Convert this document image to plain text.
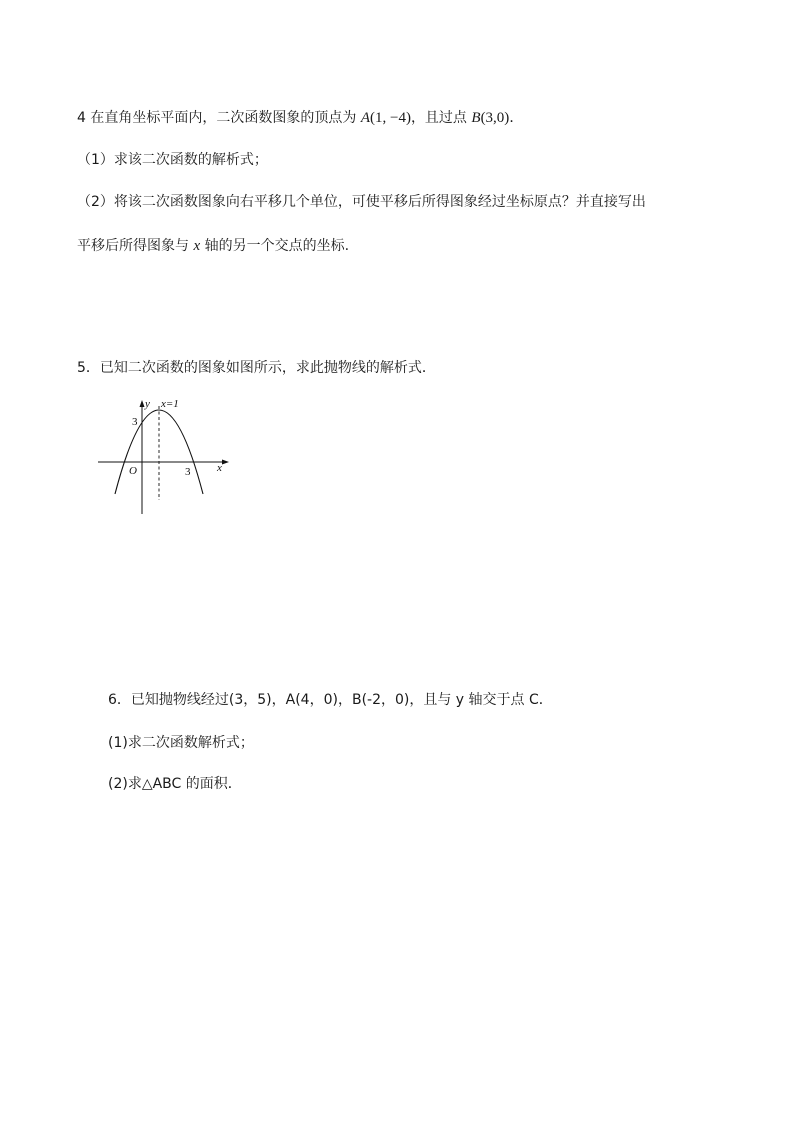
4 在直角坐标平面内，二次函数图象的顶点为 A(1, −4)，且过点 B(3,0)．
（1）求该二次函数的解析式；
（2）将该二次函数图象向右平移几个单位，可使平移后所得图象经过坐标原点？并直接写出
平移后所得图象与 x 轴的另一个交点的坐标.
5．已知二次函数的图象如图所示，求此抛物线的解析式．
y x=1
3
O	3 x
6．已知抛物线经过(3，5)，A(4，0)，B(-2，0)，且与 y 轴交于点 C．
(1)求二次函数解析式；
(2)求△ABC 的面积．
